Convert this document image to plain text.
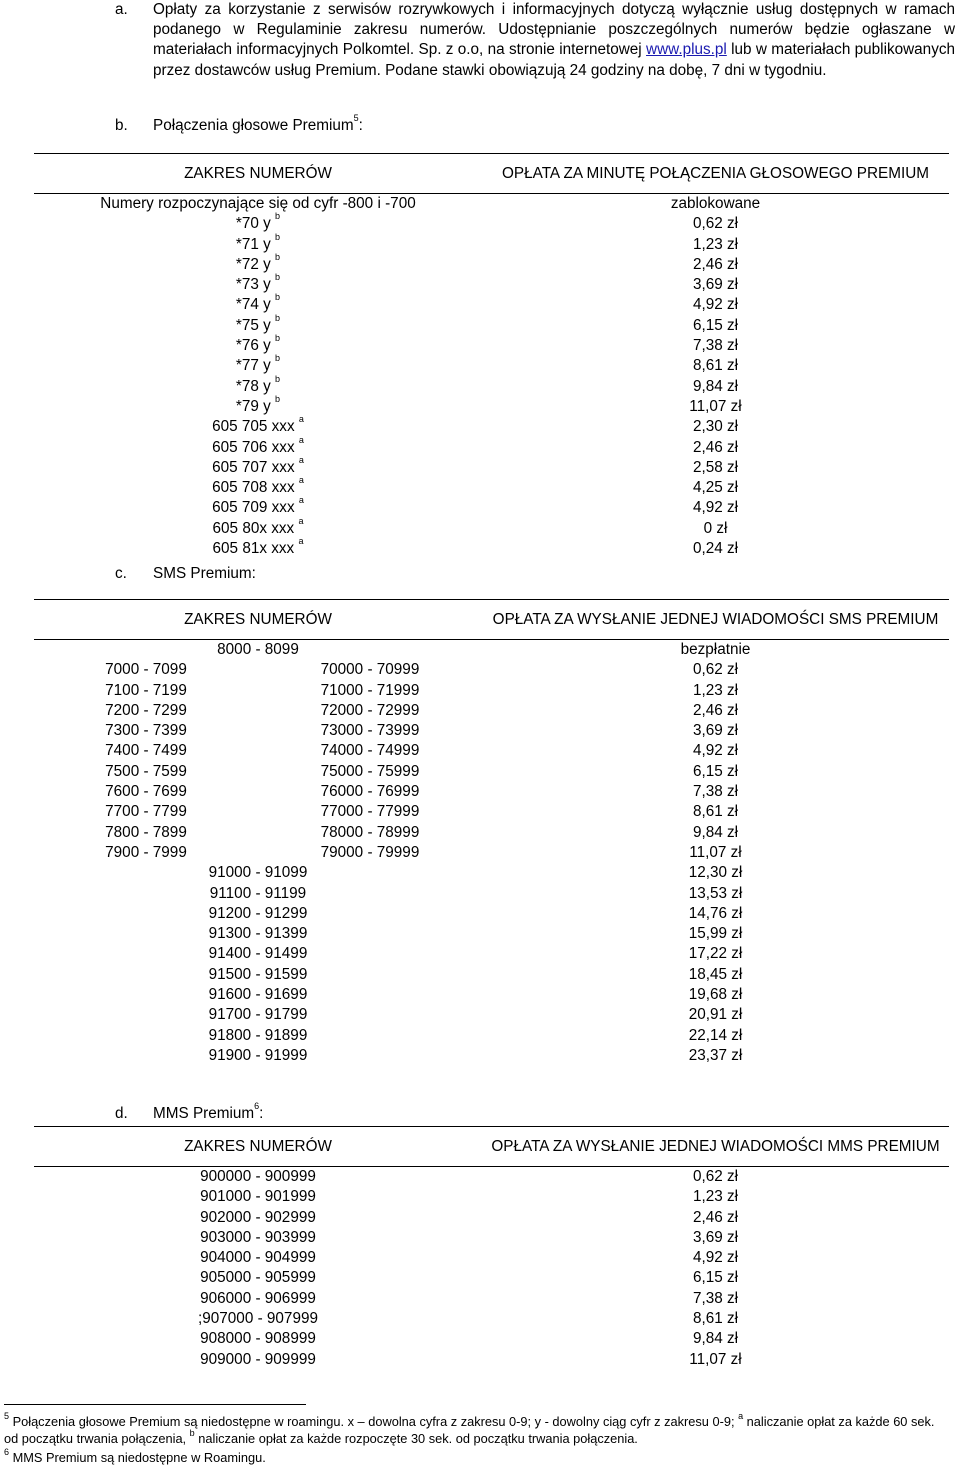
a. Opłaty za korzystanie z serwisów rozrywkowych i informacyjnych dotyczą wyłącznie usług dostępnych w ramach podanego w Regulaminie zakresu numerów. Udostępnianie poszczególnych numerów będzie ogłaszane w materiałach informacyjnych Polkomtel. Sp. z o.o, na stronie internetowej www.plus.pl lub w materiałach publikowanych przez dostawców usług Premium. Podane stawki obowiązują 24 godziny na dobę, 7 dni w tygodniu.
b. Połączenia głosowe Premium$^5$:
ZAKRES NUMERÓW	OPŁATA ZA MINUTĘ POŁĄCZENIA GŁOSOWEGO PREMIUM
Numery rozpoczynające się od cyfr -800 i -700	zablokowane
*70 y $^b$	0,62 zł
*71 y $^b$	1,23 zł
*72 y $^b$	2,46 zł
*73 y $^b$	3,69 zł
*74 y $^b$	4,92 zł
*75 y $^b$	6,15 zł
*76 y $^b$	7,38 zł
*77 y $^b$	8,61 zł
*78 y $^b$	9,84 zł
*79 y $^b$	11,07 zł
605 705 xxx $^a$	2,30 zł
605 706 xxx $^a$	2,46 zł
605 707 xxx $^a$	2,58 zł
605 708 xxx $^a$	4,25 zł
605 709 xxx $^a$	4,92 zł
605 80x xxx $^a$	0 zł
605 81x xxx $^a$	0,24 zł
c. SMS Premium:
ZAKRES NUMERÓW		OPŁATA ZA WYSŁANIE JEDNEJ WIADOMOŚCI SMS PREMIUM
8000 - 8099		bezpłatnie
7000 - 7099	70000 - 70999	0,62 zł
7100 - 7199	71000 - 71999	1,23 zł
7200 - 7299	72000 - 72999	2,46 zł
7300 - 7399	73000 - 73999	3,69 zł
7400 - 7499	74000 - 74999	4,92 zł
7500 - 7599	75000 - 75999	6,15 zł
7600 - 7699	76000 - 76999	7,38 zł
7700 - 7799	77000 - 77999	8,61 zł
7800 - 7899	78000 - 78999	9,84 zł
7900 - 7999	79000 - 79999	11,07 zł
91000 - 91099		12,30 zł
91100 - 91199		13,53 zł
91200 - 91299		14,76 zł
91300 - 91399		15,99 zł
91400 - 91499		17,22 zł
91500 - 91599		18,45 zł
91600 - 91699		19,68 zł
91700 - 91799		20,91 zł
91800 - 91899		22,14 zł
91900 - 91999		23,37 zł
d. MMS Premium$^6$:
ZAKRES NUMERÓW	OPŁATA ZA WYSŁANIE JEDNEJ WIADOMOŚCI MMS PREMIUM
900000 - 900999	0,62 zł
901000 - 901999	1,23 zł
902000 - 902999	2,46 zł
903000 - 903999	3,69 zł
904000 - 904999	4,92 zł
905000 - 905999	6,15 zł
906000 - 906999	7,38 zł
;907000 - 907999	8,61 zł
908000 - 908999	9,84 zł
909000 - 909999	11,07 zł
$^5$ Połączenia głosowe Premium są niedostępne w roamingu. x – dowolna cyfra z zakresu 0-9; y - dowolny ciąg cyfr z zakresu 0-9; $^a$ naliczanie opłat za każde 60 sek. od początku trwania połączenia, $^b$ naliczanie opłat za każde rozpoczęte 30 sek. od początku trwania połączenia.
$^6$ MMS Premium są niedostępne w Roamingu.
